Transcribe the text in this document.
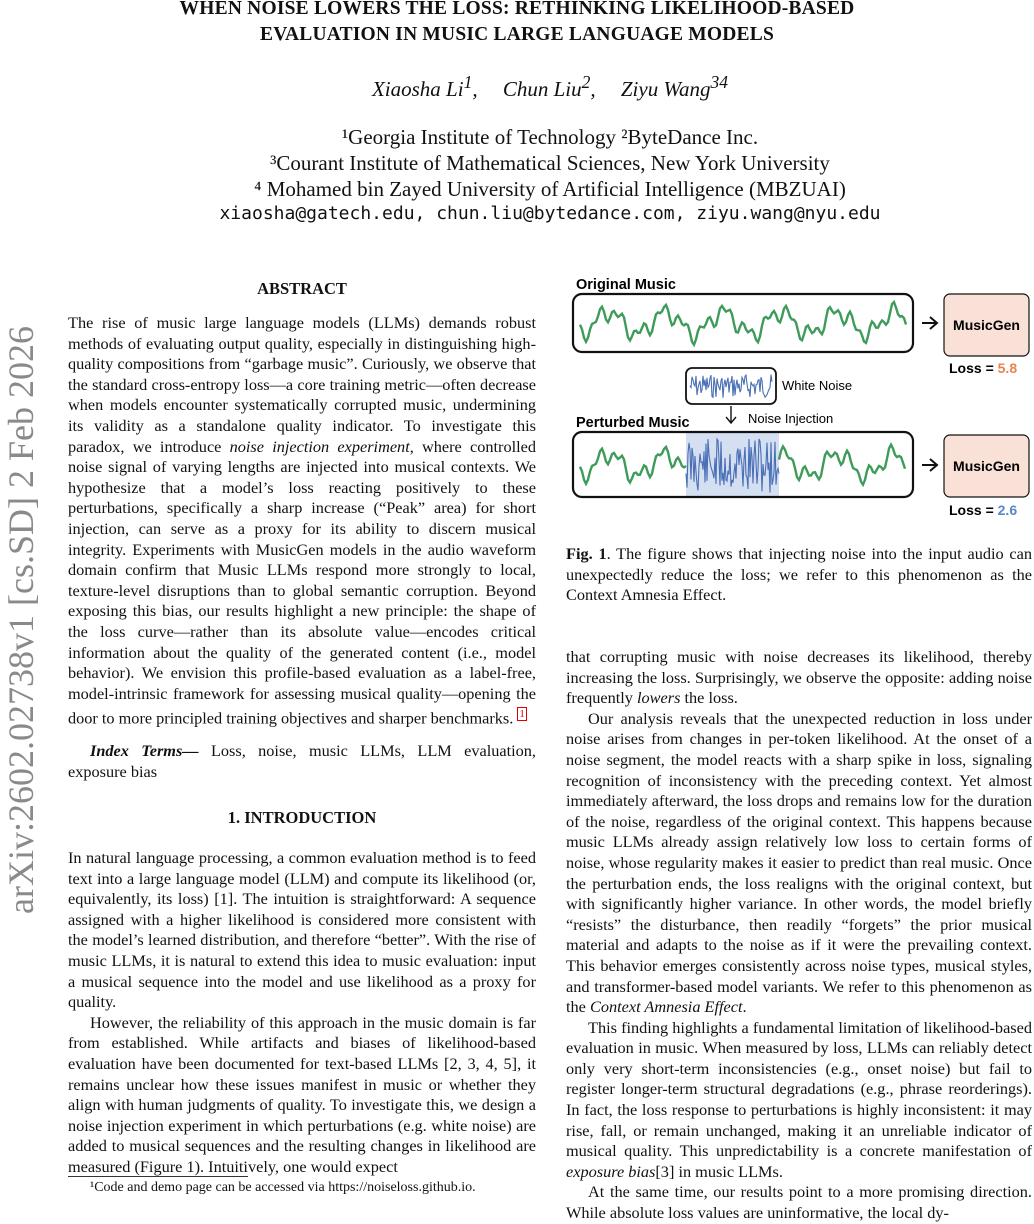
WHEN NOISE LOWERS THE LOSS: RETHINKING LIKELIHOOD-BASED
EVALUATION IN MUSIC LARGE LANGUAGE MODELS
Xiaosha Li$^1$, Chun Liu$^2$, Ziyu Wang$^{34}$
¹Georgia Institute of Technology ²ByteDance Inc.
³Courant Institute of Mathematical Sciences, New York University
⁴ Mohamed bin Zayed University of Artificial Intelligence (MBZUAI)
xiaosha@gatech.edu, chun.liu@bytedance.com, ziyu.wang@nyu.edu
arXiv:2602.02738v1 [cs.SD] 2 Feb 2026
ABSTRACT

The rise of music large language models (LLMs) demands robust methods of evaluating output quality, especially in distinguishing high-quality compositions from “garbage music”. Curiously, we observe that the standard cross-entropy loss—a core training metric—often decrease when models encounter systematically corrupted music, undermining its validity as a standalone quality indicator. To investigate this paradox, we introduce noise injection experiment, where controlled noise signal of varying lengths are injected into musical contexts. We hypothesize that a model’s loss reacting positively to these perturbations, specifically a sharp increase (“Peak” area) for short injection, can serve as a proxy for its ability to discern musical integrity. Experiments with MusicGen models in the audio waveform domain confirm that Music LLMs respond more strongly to local, texture-level disruptions than to global semantic corruption. Beyond exposing this bias, our results highlight a new principle: the shape of the loss curve—rather than its absolute value—encodes critical information about the quality of the generated content (i.e., model behavior). We envision this profile-based evaluation as a label-free, model-intrinsic framework for assessing musical quality—opening the door to more principled training objectives and sharper benchmarks. $^1$

Index Terms— Loss, noise, music LLMs, LLM evaluation, exposure bias

1. INTRODUCTION

In natural language processing, a common evaluation method is to feed text into a large language model (LLM) and compute its likelihood (or, equivalently, its loss) [1]. The intuition is straightforward: A sequence assigned with a higher likelihood is considered more consistent with the model’s learned distribution, and therefore “better”. With the rise of music LLMs, it is natural to extend this idea to music evaluation: input a musical sequence into the model and use likelihood as a proxy for quality.

However, the reliability of this approach in the music domain is far from established. While artifacts and biases of likelihood-based evaluation have been documented for text-based LLMs [2, 3, 4, 5], it remains unclear how these issues manifest in music or whether they align with human judgments of quality. To investigate this, we design a noise injection experiment in which perturbations (e.g. white noise) are added to musical sequences and the resulting changes in likelihood are measured (Figure 1). Intuitively, one would expect

¹Code and demo page can be accessed via https://noiseloss.github.io.
Original Music
MusicGen
Loss = 5.8
White Noise
Noise Injection
Perturbed Music
MusicGen
Loss = 2.6
Fig. 1. The figure shows that injecting noise into the input audio can unexpectedly reduce the loss; we refer to this phenomenon as the Context Amnesia Effect.

that corrupting music with noise decreases its likelihood, thereby increasing the loss. Surprisingly, we observe the opposite: adding noise frequently lowers the loss.

Our analysis reveals that the unexpected reduction in loss under noise arises from changes in per-token likelihood. At the onset of a noise segment, the model reacts with a sharp spike in loss, signaling recognition of inconsistency with the preceding context. Yet almost immediately afterward, the loss drops and remains low for the duration of the noise, regardless of the original context. This happens because music LLMs already assign relatively low loss to certain forms of noise, whose regularity makes it easier to predict than real music. Once the perturbation ends, the loss realigns with the original context, but with significantly higher variance. In other words, the model briefly “resists” the disturbance, then readily “forgets” the prior musical material and adapts to the noise as if it were the prevailing context. This behavior emerges consistently across noise types, musical styles, and transformer-based model variants. We refer to this phenomenon as the Context Amnesia Effect.

This finding highlights a fundamental limitation of likelihood-based evaluation in music. When measured by loss, LLMs can reliably detect only very short-term inconsistencies (e.g., onset noise) but fail to register longer-term structural degradations (e.g., phrase reorderings). In fact, the loss response to perturbations is highly inconsistent: it may rise, fall, or remain unchanged, making it an unreliable indicator of musical quality. This unpredictability is a concrete manifestation of exposure bias[3] in music LLMs.

At the same time, our results point to a more promising direction. While absolute loss values are uninformative, the local dy-
